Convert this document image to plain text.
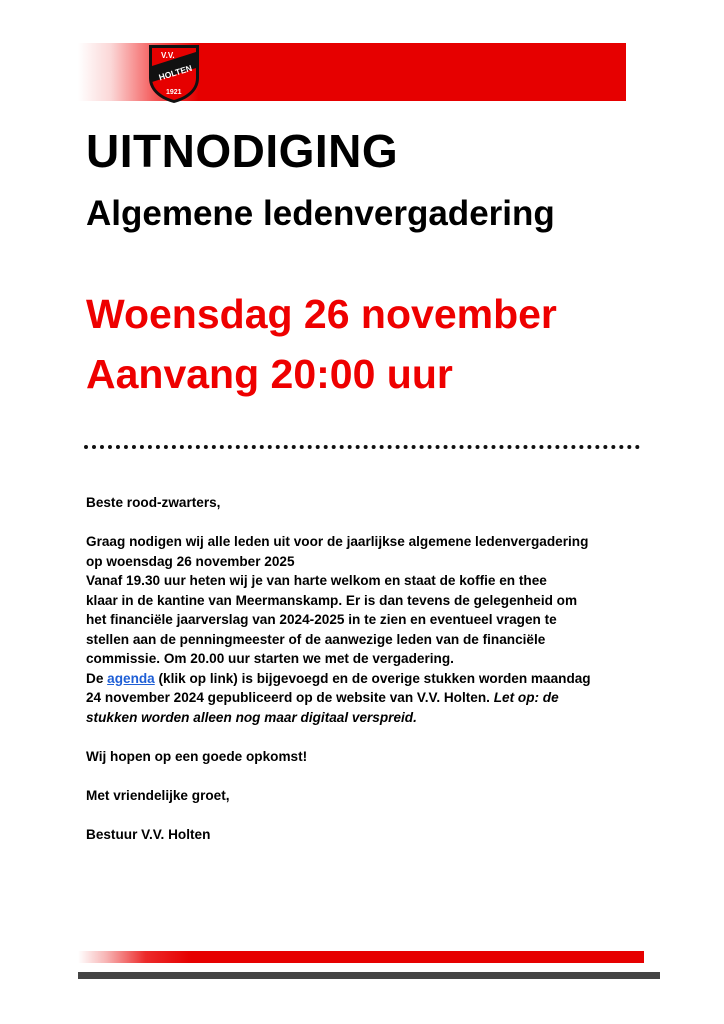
V.V.
HOLTEN
1921
UITNODIGING
Algemene ledenvergadering
Woensdag 26 november
Aanvang 20:00 uur

Beste rood-zwarters,

Graag nodigen wij alle leden uit voor de jaarlijkse algemene ledenvergadering

op woensdag 26 november 2025

Vanaf 19.30 uur heten wij je van harte welkom en staat de koffie en thee

klaar in de kantine van Meermanskamp. Er is dan tevens de gelegenheid om

het financiële jaarverslag van 2024-2025 in te zien en eventueel vragen te

stellen aan de penningmeester of de aanwezige leden van de financiële

commissie. Om 20.00 uur starten we met de vergadering.

De agenda (klik op link) is bijgevoegd en de overige stukken worden maandag

24 november 2024 gepubliceerd op de website van V.V. Holten. Let op: de

stukken worden alleen nog maar digitaal verspreid.

Wij hopen op een goede opkomst!

Met vriendelijke groet,

Bestuur V.V. Holten
